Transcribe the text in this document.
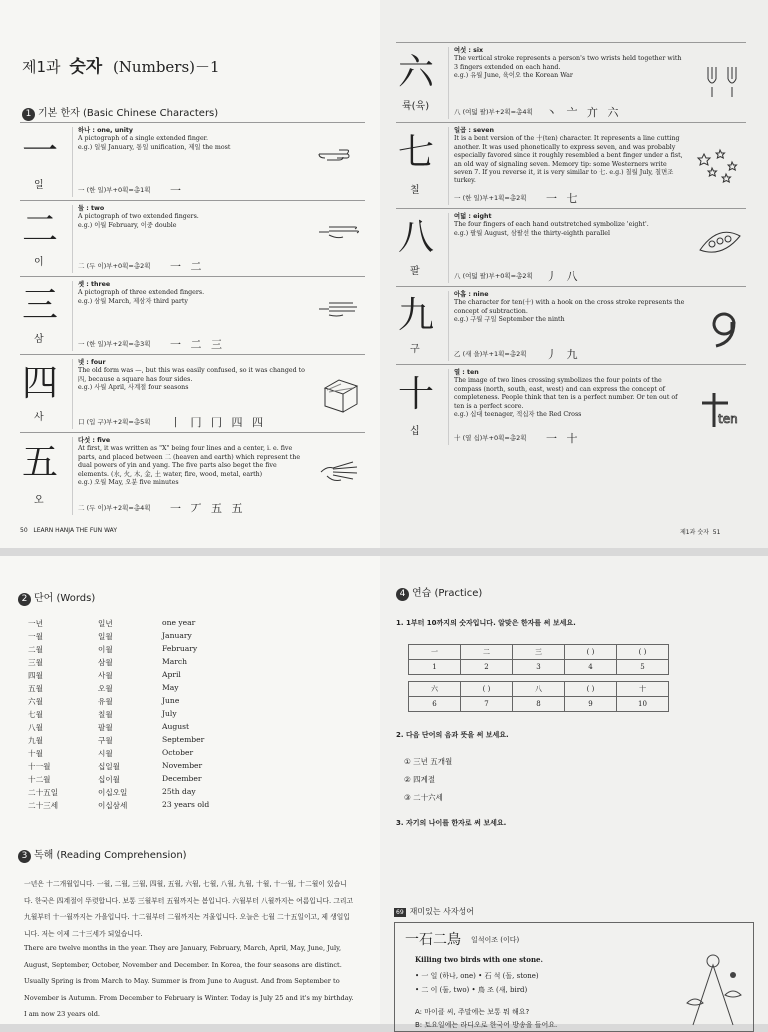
제1과 숫자 (Numbers)－1
1 기본 한자 (Basic Chinese Characters)
一
일
하나 : one, unity
A pictograph of a single extended finger.
e.g.) 일월 January, 통일 unification, 제일 the most
一 (한 일)부+0획=총1획 一
二
이
둘 : two
A pictograph of two extended fingers.
e.g.) 이월 February, 이중 double
二 (두 이)부+0획=총2획 一 二
三
삼
셋 : three
A pictograph of three extended fingers.
e.g.) 삼월 March, 제삼자 third party
一 (한 일)부+2획=총3획 一 二 三
四
사
넷 : four
The old form was —, but this was easily confused, so it was changed to 四, because a square has four sides.
e.g.) 사월 April, 사계절 four seasons
口 (입 구)부+2획=총5획 丨 冂 冂 四 四
五
오
다섯 : five
At first, it was written as "X" being four lines and a center, i. e. five parts, and placed between 二 (heaven and earth) which represent the dual powers of yin and yang. The five parts also beget the five elements. (水, 火, 木, 金, 土 water, fire, wood, metal, earth)
e.g.) 오월 May, 오분 five minutes
二 (두 이)부+2획=총4획 一 丆 五 五
50 LEARN HANJA THE FUN WAY
六
륙(육)
여섯 : six
The vertical stroke represents a person's two wrists held together with 3 fingers extended on each hand.
e.g.) 유월 June, 육이오 the Korean War
八 (여덟 팔)부+2획=총4획 丶 亠 亣 六
七
칠
일곱 : seven
It is a bent version of the 十(ten) character. It represents a line cutting another. It was used phonetically to express seven, and was probably especially favored since it roughly resembled a bent finger under a fist, an old way of signaling seven. Memory tip: some Westerners write seven 7. If you reverse it, it is very similar to 七. e.g.) 칠월 July, 칠면조 turkey.
一 (한 일)부+1획=총2획 一 七
八
팔
여덟 : eight
The four fingers of each hand outstretched symbolize 'eight'.
e.g.) 팔월 August, 삼팔선 the thirty-eighth parallel
八 (여덟 팔)부+0획=총2획 丿 八
九
구
아홉 : nine
The character for ten(十) with a hook on the cross stroke represents the concept of subtraction.
e.g.) 구월 구일 September the ninth
乙 (새 을)부+1획=총2획 丿 九
十
십
열 : ten
The image of two lines crossing symbolizes the four points of the compass (north, south, east, west) and can express the concept of completeness. People think that ten is a perfect number. Or ten out of ten is a perfect score.
e.g.) 십대 teenager, 적십자 the Red Cross
十 (열 십)부+0획=총2획 一 十
ten
제1과 숫자 51
2 단어 (Words)
一년	일년	one year
一월	일월	January
二월	이월	February
三월	삼월	March
四월	사월	April
五월	오월	May
六월	유월	June
七월	칠월	July
八월	팔월	August
九월	구월	September
十월	시월	October
十一월	십일월	November
十二월	십이월	December
二十五일	이십오일	25th day
二十三세	이십삼세	23 years old
3 독해 (Reading Comprehension)
一년은 十二개월입니다. 一월, 二월, 三월, 四월, 五월, 六월, 七월, 八월, 九월, 十월, 十一월, 十二월이 있습니다. 한국은 四계절이 뚜렷합니다. 보통 三월부터 五월까지는 봄입니다. 六월부터 八월까지는 여름입니다. 그리고 九월부터 十一월까지는 가을입니다. 十二월부터 二월까지는 겨울입니다. 오늘은 七월 二十五일이고, 제 생일입니다. 저는 이제 二十三세가 되었습니다.
There are twelve months in the year. They are January, February, March, April, May, June, July, August, September, October, November and December. In Korea, the four seasons are distinct. Usually Spring is from March to May. Summer is from June to August. And from September to November is Autumn. From December to February is Winter. Today is July 25 and it's my birthday. I am now 23 years old.
4 연습 (Practice)
1. 1부터 10까지의 숫자입니다. 알맞은 한자를 써 보세요.
一	二	三	( )	( )
1	2	3	4	5
六	( )	八	( )	十
6	7	8	9	10
2. 다음 단어의 음과 뜻을 써 보세요.
① 三년 五개월
② 四계절
③ 二十六세
3. 자기의 나이를 한자로 써 보세요.
69 재미있는 사자성어
一石二鳥 일석이조 (이다)
Killing two birds with one stone.
• 一 일 (하나, one) • 石 석 (돌, stone)
• 二 이 (둘, two) • 鳥 조 (새, bird)
A: 마이클 씨, 주말에는 보통 뭐 해요?
B: 토요일에는 라디오로 한국어 방송을 들어요.
